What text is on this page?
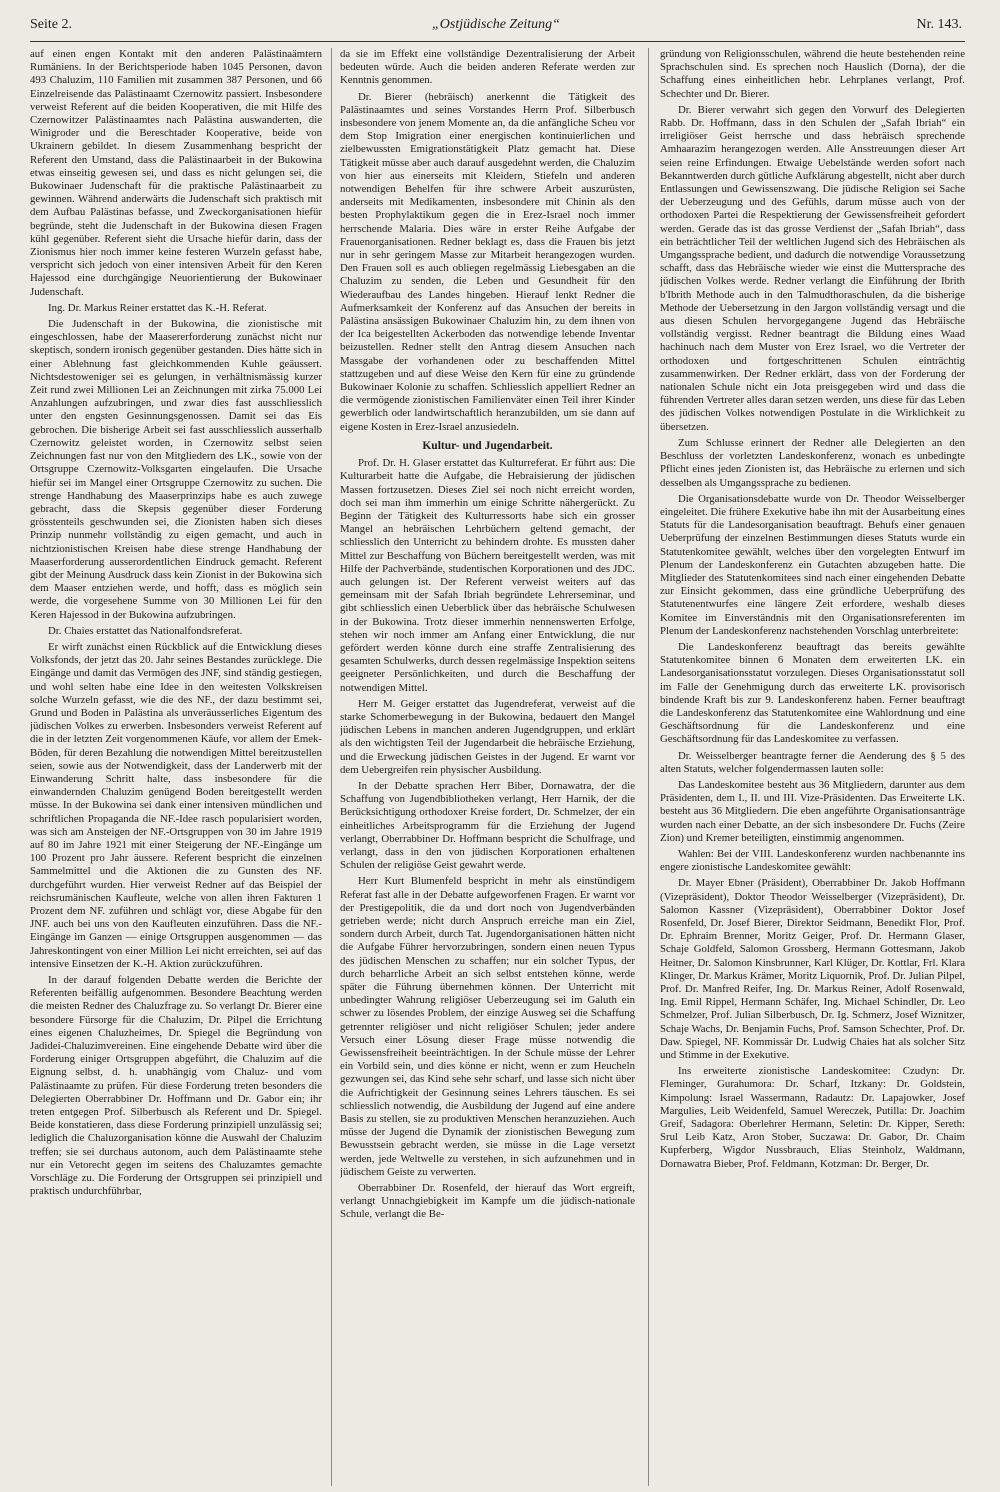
Seite 2.	„Ostjüdische Zeitung“	Nr. 143.

auf einen engen Kontakt mit den anderen Palästinaämtern Rumäniens. In der Berichtsperiode haben 1045 Personen, davon 493 Chaluzim, 110 Familien mit zusammen 387 Personen, und 66 Einzelreisende das Palästinaamt Czernowitz passiert. Insbesondere verweist Referent auf die beiden Kooperativen, die mit Hilfe des Czernowitzer Palästinaamtes nach Palästina auswanderten, die Winigroder und die Bereschtader Kooperative, beide von Ukrainern gebildet. In diesem Zusammenhang bespricht der Referent den Umstand, dass die Palästinaarbeit in der Bukowina etwas einseitig gewesen sei, und dass es nicht gelungen sei, die Bukowinaer Judenschaft für die praktische Palästinaarbeit zu gewinnen. Während anderwärts die Judenschaft sich praktisch mit dem Aufbau Palästinas befasse, und Zweckorganisationen hiefür begründe, steht die Judenschaft in der Bukowina diesen Fragen kühl gegenüber. Referent sieht die Ursache hiefür darin, dass der Zionismus hier noch immer keine festeren Wurzeln gefasst habe, verspricht sich jedoch von einer intensiven Arbeit für den Keren Hajessod eine durchgängige Neuorientierung der Bukowinaer Judenschaft.

Ing. Dr. Markus Reiner erstattet das K.-H. Referat.

Die Judenschaft in der Bukowina, die zionistische mit eingeschlossen, habe der Maasererforderung zunächst nicht nur skeptisch, sondern ironisch gegenüber gestanden. Dies hätte sich in einer Ablehnung fast gleichkommenden Kuhle geäussert. Nichtsdestoweniger sei es gelungen, in verhältnismässig kurzer Zeit rund zwei Millionen Lei an Zeichnungen mit zirka 75.000 Lei Anzahlungen aufzubringen, und zwar dies fast ausschliesslich unter den engsten Gesinnungsgenossen. Damit sei das Eis gebrochen. Die bisherige Arbeit sei fast ausschliesslich ausserhalb Czernowitz geleistet worden, in Czernowitz selbst seien Zeichnungen fast nur von den Mitgliedern des LK., sowie von der Ortsgruppe Czernowitz-Volksgarten eingelaufen. Die Ursache hiefür sei im Mangel einer Ortsgruppe Czernowitz zu suchen. Die strenge Handhabung des Maaserprinzips habe es auch zuwege gebracht, dass die Skepsis gegenüber dieser Forderung grösstenteils geschwunden sei, die Zionisten haben sich dieses Prinzip nunmehr vollständig zu eigen gemacht, und auch in nichtzionistischen Kreisen habe diese strenge Handhabung der Maaserforderung ausserordentlichen Eindruck gemacht. Referent gibt der Meinung Ausdruck dass kein Zionist in der Bukowina sich dem Maaser entziehen werde, und hofft, dass es möglich sein werde, die vorgesehene Summe von 30 Millionen Lei für den Keren Hajessod in der Bukowina aufzubringen.

Dr. Chaies erstattet das Nationalfondsreferat.

Er wirft zunächst einen Rückblick auf die Entwicklung dieses Volksfonds, der jetzt das 20. Jahr seines Bestandes zurücklege. Die Eingänge und damit das Vermögen des JNF, sind ständig gestiegen, und wohl selten habe eine Idee in den weitesten Volkskreisen solche Wurzeln gefasst, wie die des NF., der dazu bestimmt sei, Grund und Boden in Palästina als unveräusserliches Eigentum des jüdischen Volkes zu erwerben. Insbesonders verweist Referent auf die in der letzten Zeit vorgenommenen Käufe, vor allem der Emek-Böden, für deren Bezahlung die notwendigen Mittel bereitzustellen seien, sowie aus der Notwendigkeit, dass der Landerwerb mit der Einwanderung Schritt halte, dass insbesondere für die einwandernden Chaluzim genügend Boden bereitgestellt werden müsse. In der Bukowina sei dank einer intensiven mündlichen und schriftlichen Propaganda die NF.-Idee rasch popularisiert worden, was sich am Ansteigen der NF.-Ortsgruppen von 30 im Jahre 1919 auf 80 im Jahre 1921 mit einer Steigerung der NF.-Eingänge um 100 Prozent pro Jahr äussere. Referent bespricht die einzelnen Sammelmittel und die Aktionen die zu Gunsten des NF. durchgeführt wurden. Hier verweist Redner auf das Beispiel der reichsrumänischen Kaufleute, welche von allen ihren Fakturen 1 Prozent dem NF. zuführen und schlägt vor, diese Abgabe für den JNF. auch bei uns von den Kaufleuten einzuführen. Dass die NF.-Eingänge im Ganzen — einige Ortsgruppen ausgenommen — das Jahreskontingent von einer Million Lei nicht erreichten, sei auf das intensive Einsetzen der K.-H. Aktion zurückzuführen.

In der darauf folgenden Debatte werden die Berichte der Referenten beifällig aufgenommen. Besondere Beachtung werden die meisten Redner des Chaluzfrage zu. So verlangt Dr. Bierer eine besondere Fürsorge für die Chaluzim, Dr. Pilpel die Errichtung eines eigenen Chaluzheimes, Dr. Spiegel die Begründung von Jadidei-Chaluzimvereinen. Eine eingehende Debatte wird über die Forderung einiger Ortsgruppen abgeführt, die Chaluzim auf die Eignung selbst, d. h. unabhängig vom Chaluz- und vom Palästinaamte zu prüfen. Für diese Forderung treten besonders die Delegierten Oberrabbiner Dr. Hoffmann und Dr. Gabor ein; ihr treten entgegen Prof. Silberbusch als Referent und Dr. Spiegel. Beide konstatieren, dass diese Forderung prinzipiell unzulässig sei; lediglich die Chaluzorganisation könne die Auswahl der Chaluzim treffen; sie sei durchaus autonom, auch dem Palästinaamte stehe nur ein Vetorecht gegen im seitens des Chaluzamtes gemachte Vorschläge zu. Die Forderung der Ortsgruppen sei prinzipiell und praktisch undurchführbar,

da sie im Effekt eine vollständige Dezentralisierung der Arbeit bedeuten würde. Auch die beiden anderen Referate werden zur Kenntnis genommen.

Dr. Bierer (hebräisch) anerkennt die Tätigkeit des Palästinaamtes und seines Vorstandes Herrn Prof. Silberbusch insbesondere von jenem Momente an, da die anfängliche Scheu vor dem Stop Imigration einer energischen kontinuierlichen und zielbewussten Emigrationstätigkeit Platz gemacht hat. Diese Tätigkeit müsse aber auch darauf ausgedehnt werden, die Chaluzim von hier aus einerseits mit Kleidern, Stiefeln und anderen notwendigen Behelfen für ihre schwere Arbeit auszurüsten, anderseits mit Medikamenten, insbesondere mit Chinin als den besten Prophylaktikum gegen die in Erez-Israel noch immer herrschende Malaria. Dies wäre in erster Reihe Aufgabe der Frauenorganisationen. Redner beklagt es, dass die Frauen bis jetzt nur in sehr geringem Masse zur Mitarbeit herangezogen wurden. Den Frauen soll es auch obliegen regelmässig Liebesgaben an die Chaluzim zu senden, die Leben und Gesundheit für den Wiederaufbau des Landes hingeben. Hierauf lenkt Redner die Aufmerksamkeit der Konferenz auf das Ansuchen der bereits in Palästina ansässigen Bukowinaer Chaluzim hin, zu dem ihnen von der Ica beigestellten Ackerboden das notwendige lebende Inventar beizustellen. Redner stellt den Antrag diesem Ansuchen nach Massgabe der vorhandenen oder zu beschaffenden Mittel stattzugeben und auf diese Weise den Kern für eine zu gründende Bukowinaer Kolonie zu schaffen. Schliesslich appelliert Redner an die vermögende zionistischen Familienväter einen Teil ihrer Kinder gewerblich oder landwirtschaftlich heranzubilden, um sie dann auf eigene Kosten in Erez-Israel anzusiedeln.

Kultur- und Jugendarbeit.

Prof. Dr. H. Glaser erstattet das Kulturreferat. Er führt aus: Die Kulturarbeit hatte die Aufgabe, die Hebraisierung der jüdischen Massen fortzusetzen. Dieses Ziel sei noch nicht erreicht worden, doch sei man ihm immerhin um einige Schritte nähergerückt. Zu Beginn der Tätigkeit des Kulturressorts habe sich ein grosser Mangel an hebräischen Lehrbüchern geltend gemacht, der schliesslich den Unterricht zu behindern drohte. Es mussten daher Mittel zur Beschaffung von Büchern bereitgestellt werden, was mit Hilfe der Pachverbände, studentischen Korporationen und des JDC. auch gelungen ist. Der Referent verweist weiters auf das gemeinsam mit der Safah Ibriah begründete Lehrerseminar, und gibt schliesslich einen Ueberblick über das hebräische Schulwesen in der Bukowina. Trotz dieser immerhin nennenswerten Erfolge, stehen wir noch immer am Anfang einer Entwicklung, die nur gefördert werden könne durch eine straffe Zentralisierung des gesamten Schulwerks, durch dessen regelmässige Inspektion seitens geeigneter Persönlichkeiten, und durch die Beschaffung der notwendigen Mittel.

Herr M. Geiger erstattet das Jugendreferat, verweist auf die starke Schomerbewegung in der Bukowina, bedauert den Mangel jüdischen Lebens in manchen anderen Jugendgruppen, und erklärt als den wichtigsten Teil der Jugendarbeit die hebräische Erziehung, und die Erweckung jüdischen Geistes in der Jugend. Er warnt vor dem Uebergreifen rein physischer Ausbildung.

In der Debatte sprachen Herr Biber, Dornawatra, der die Schaffung von Jugendbibliotheken verlangt, Herr Harnik, der die Berücksichtigung orthodoxer Kreise fordert, Dr. Schmelzer, der ein einheitliches Arbeitsprogramm für die Erziehung der Jugend verlangt, Oberrabbiner Dr. Hoffmann bespricht die Schulfrage, und verlangt, dass in den von jüdischen Korporationen erhaltenen Schulen der religiöse Geist gewahrt werde.

Herr Kurt Blumenfeld bespricht in mehr als einstündigem Referat fast alle in der Debatte aufgeworfenen Fragen. Er warnt vor der Prestigepolitik, die da und dort noch von Jugendverbänden getrieben werde; nicht durch Anspruch erreiche man ein Ziel, sondern durch Arbeit, durch Tat. Jugendorganisationen hätten nicht die Aufgabe Führer hervorzubringen, sondern einen neuen Typus des jüdischen Menschen zu schaffen; nur ein solcher Typus, der durch beharrliche Arbeit an sich selbst entstehen könne, werde später die Führung übernehmen können. Der Unterricht mit unbedingter Wahrung religiöser Ueberzeugung sei im Galuth ein schwer zu lösendes Problem, der einzige Ausweg sei die Schaffung getrennter religiöser und nicht religiöser Schulen; jeder andere Versuch einer Lösung dieser Frage müsse notwendig die Gewissensfreiheit beeinträchtigen. In der Schule müsse der Lehrer ein Vorbild sein, und dies könne er nicht, wenn er zum Heucheln gezwungen sei, das Kind sehe sehr scharf, und lasse sich nicht über die Aufrichtigkeit der Gesinnung seines Lehrers täuschen. Es sei schliesslich notwendig, die Ausbildung der Jugend auf eine andere Basis zu stellen, sie zu produktiven Menschen heranzuziehen. Auch müsse der Jugend die Dynamik der zionistischen Bewegung zum Bewusstsein gebracht werden, sie müsse in die Lage versetzt werden, jede Weltwelle zu verstehen, in sich aufzunehmen und in jüdischem Geiste zu verwerten.

Oberrabbiner Dr. Rosenfeld, der hierauf das Wort ergreift, verlangt Unnachgiebigkeit im Kampfe um die jüdisch-nationale Schule, verlangt die Be-

gründung von Religionsschulen, während die heute bestehenden reine Sprachschulen sind. Es sprechen noch Hauslich (Dorna), der die Schaffung eines einheitlichen hebr. Lehrplanes verlangt, Prof. Schechter und Dr. Bierer.

Dr. Bierer verwahrt sich gegen den Vorwurf des Delegierten Rabb. Dr. Hoffmann, dass in den Schulen der „Safah Ibriah“ ein irreligiöser Geist herrsche und dass hebräisch sprechende Amhaarazim herangezogen werden. Alle Ansstreuungen dieser Art seien reine Erfindungen. Etwaige Uebelstände werden sofort nach Bekanntwerden durch gütliche Aufklärung abgestellt, nicht aber durch Entlassungen und Gewissenszwang. Die jüdische Religion sei Sache der Ueberzeugung und des Gefühls, darum müsse auch von der orthodoxen Partei die Respektierung der Gewissensfreiheit gefordert werden. Gerade das ist das grosse Verdienst der „Safah Ibriah“, dass ein beträchtlicher Teil der weltlichen Jugend sich des Hebräischen als Umgangssprache bedient, und dadurch die notwendige Voraussetzung schafft, dass das Hebräische wieder wie einst die Muttersprache des jüdischen Volkes werde. Redner verlangt die Einführung der Ibrith b'Ibrith Methode auch in den Talmudthoraschulen, da die bisherige Methode der Uebersetzung in den Jargon vollständig versagt und die aus diesen Schulen hervorgegangene Jugend das Hebräische vollständig vergisst. Redner beantragt die Bildung eines Waad hachinuch nach dem Muster von Erez Israel, wo die Vertreter der orthodoxen und fortgeschrittenen Schulen einträchtig zusammenwirken. Der Redner erklärt, dass von der Forderung der nationalen Schule nicht ein Jota preisgegeben wird und dass die führenden Vertreter alles daran setzen werden, uns diese für das Leben des jüdischen Volkes notwendigen Postulate in die Wirklichkeit zu übersetzen.

Zum Schlusse erinnert der Redner alle Delegierten an den Beschluss der vorletzten Landeskonferenz, wonach es unbedingte Pflicht eines jeden Zionisten ist, das Hebräische zu erlernen und sich desselben als Umgangssprache zu bedienen.

Die Organisationsdebatte wurde von Dr. Theodor Weisselberger eingeleitet. Die frühere Exekutive habe ihn mit der Ausarbeitung eines Statuts für die Landesorganisation beauftragt. Behufs einer genauen Ueberprüfung der einzelnen Bestimmungen dieses Statuts wurde ein Statutenkomitee gewählt, welches über den vorgelegten Entwurf im Plenum der Landeskonferenz ein Gutachten abzugeben hatte. Die Mitglieder des Statutenkomitees sind nach einer eingehenden Debatte zur Einsicht gekommen, dass eine gründliche Ueberprüfung des Statutenentwurfes eine längere Zeit erfordere, weshalb dieses Komitee im Einverständnis mit den Organisationsreferenten im Plenum der Landeskonferenz nachstehenden Vorschlag unterbreitete:

Die Landeskonferenz beauftragt das bereits gewählte Statutenkomitee binnen 6 Monaten dem erweiterten LK. ein Landesorganisationsstatut vorzulegen. Dieses Organisationsstatut soll im Falle der Genehmigung durch das erweiterte LK. provisorisch bindende Kraft bis zur 9. Landeskonferenz haben. Ferner beauftragt die Landeskonferenz das Statutenkomitee eine Wahlordnung und eine Geschäftsordnung für die Landeskonferenz und eine Geschäftsordnung für das Landeskomitee zu verfassen.

Dr. Weisselberger beantragte ferner die Aenderung des § 5 des alten Statuts, welcher folgendermassen lauten solle:

Das Landeskomitee besteht aus 36 Mitgliedern, darunter aus dem Präsidenten, dem I., II. und III. Vize-Präsidenten. Das Erweiterte LK. besteht aus 36 Mitgliedern. Die eben angeführte Organisationsanträge wurden nach einer Debatte, an der sich insbesondere Dr. Fuchs (Zeire Zion) und Kremer beteiligten, einstimmig angenommen.

Wahlen: Bei der VIII. Landeskonferenz wurden nachbenannte ins engere zionistische Landeskomitee gewählt:

Dr. Mayer Ebner (Präsident), Oberrabbiner Dr. Jakob Hoffmann (Vizepräsident), Doktor Theodor Weisselberger (Vizepräsident), Dr. Salomon Kassner (Vizepräsident), Oberrabbiner Doktor Josef Rosenfeld, Dr. Josef Bierer, Direktor Seidmann, Benedikt Flor, Prof. Dr. Ephraim Brenner, Moritz Geiger, Prof. Dr. Hermann Glaser, Schaje Goldfeld, Salomon Grossberg, Hermann Gottesmann, Jakob Heitner, Dr. Salomon Kinsbrunner, Karl Klüger, Dr. Kottlar, Frl. Klara Klinger, Dr. Markus Krämer, Moritz Liquornik, Prof. Dr. Julian Pilpel, Prof. Dr. Manfred Reifer, Ing. Dr. Markus Reiner, Adolf Rosenwald, Ing. Emil Rippel, Hermann Schäfer, Ing. Michael Schindler, Dr. Leo Schmelzer, Prof. Julian Silberbusch, Dr. Ig. Schmerz, Josef Wiznitzer, Schaje Wachs, Dr. Benjamin Fuchs, Prof. Samson Schechter, Prof. Dr. Daw. Spiegel, NF. Kommissär Dr. Ludwig Chaies hat als solcher Sitz und Stimme in der Exekutive.

Ins erweiterte zionistische Landeskomitee: Czudyn: Dr. Fleminger, Gurahumora: Dr. Scharf, Itzkany: Dr. Goldstein, Kimpolung: Israel Wassermann, Radautz: Dr. Lapajowker, Josef Margulies, Leib Weidenfeld, Samuel Wereczek, Putilla: Dr. Joachim Greif, Sadagora: Oberlehrer Hermann, Seletin: Dr. Kipper, Sereth: Srul Leib Katz, Aron Stober, Suczawa: Dr. Gabor, Dr. Chaim Kupferberg, Wigdor Nussbrauch, Elias Steinholz, Waldmann, Dornawatra Bieber, Prof. Feldmann, Kotzman: Dr. Berger, Dr.
